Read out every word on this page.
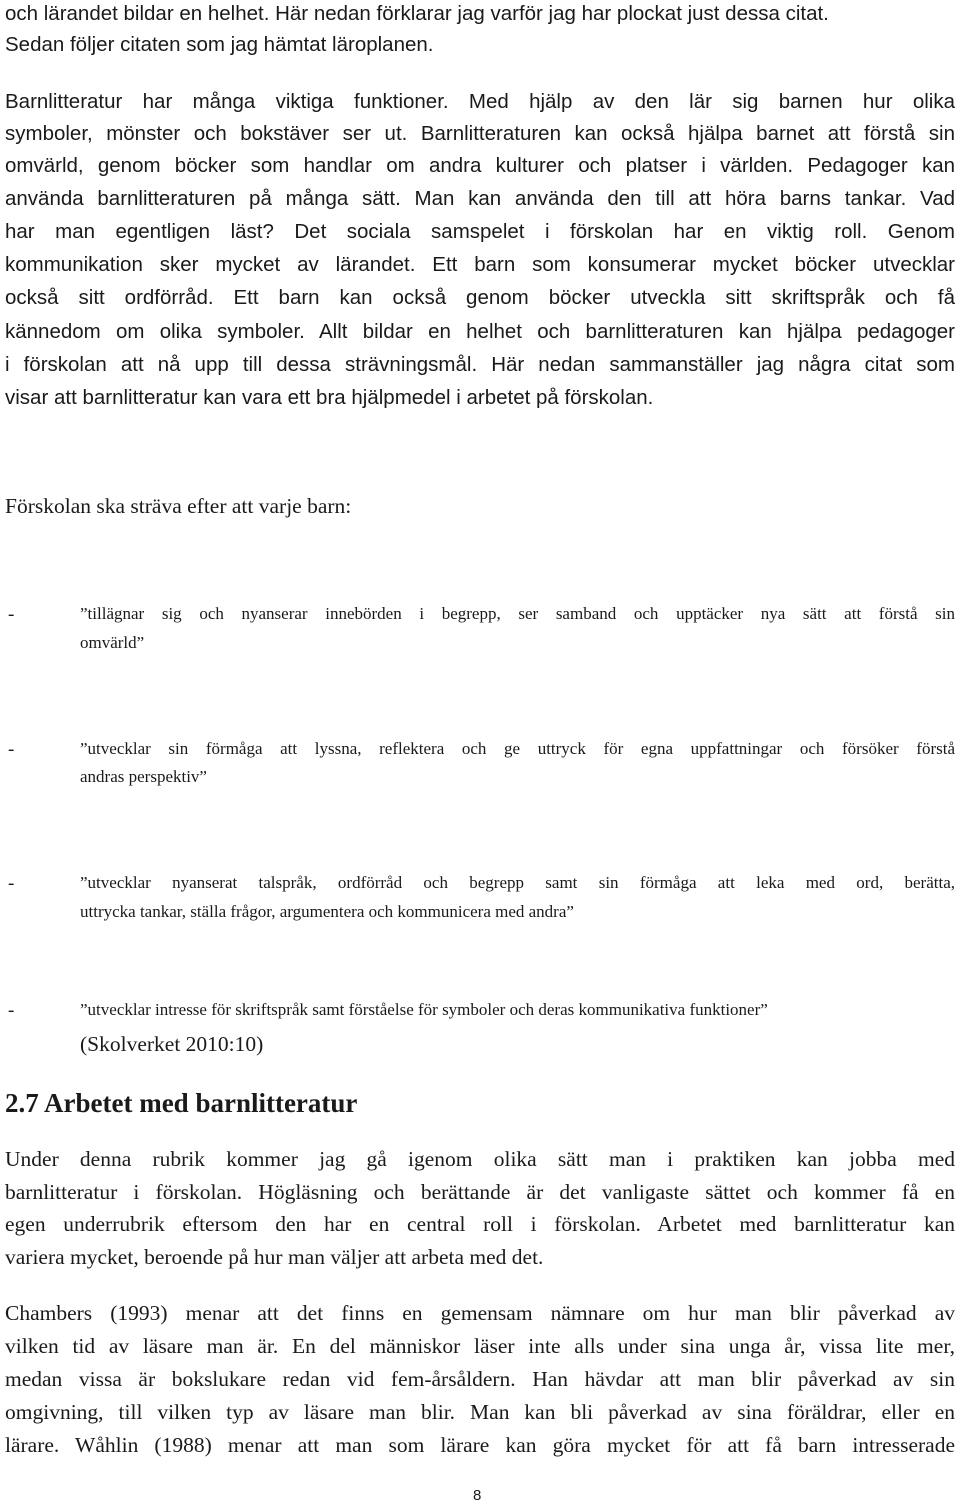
och lärandet bildar en helhet. Här nedan förklarar jag varför jag har plockat just dessa citat.
Sedan följer citaten som jag hämtat läroplanen.
Barnlitteratur har många viktiga funktioner. Med hjälp av den lär sig barnen hur olika
symboler, mönster och bokstäver ser ut. Barnlitteraturen kan också hjälpa barnet att förstå sin
omvärld, genom böcker som handlar om andra kulturer och platser i världen. Pedagoger kan
använda barnlitteraturen på många sätt. Man kan använda den till att höra barns tankar. Vad
har man egentligen läst? Det sociala samspelet i förskolan har en viktig roll. Genom
kommunikation sker mycket av lärandet. Ett barn som konsumerar mycket böcker utvecklar
också sitt ordförråd. Ett barn kan också genom böcker utveckla sitt skriftspråk och få
kännedom om olika symboler. Allt bildar en helhet och barnlitteraturen kan hjälpa pedagoger
i förskolan att nå upp till dessa strävningsmål. Här nedan sammanställer jag några citat som
visar att barnlitteratur kan vara ett bra hjälpmedel i arbetet på förskolan.
Förskolan ska sträva efter att varje barn:
-	”tillägnar sig och nyanserar innebörden i begrepp, ser samband och upptäcker nya sätt att förstå sin
omvärld”
-	”utvecklar sin förmåga att lyssna, reflektera och ge uttryck för egna uppfattningar och försöker förstå
andras perspektiv”
-	”utvecklar nyanserat talspråk, ordförråd och begrepp samt sin förmåga att leka med ord, berätta,
uttrycka tankar, ställa frågor, argumentera och kommunicera med andra”
-	”utvecklar intresse för skriftspråk samt förståelse för symboler och deras kommunikativa funktioner”
(Skolverket 2010:10)
2.7 Arbetet med barnlitteratur
Under denna rubrik kommer jag gå igenom olika sätt man i praktiken kan jobba med
barnlitteratur i förskolan. Högläsning och berättande är det vanligaste sättet och kommer få en
egen underrubrik eftersom den har en central roll i förskolan. Arbetet med barnlitteratur kan
variera mycket, beroende på hur man väljer att arbeta med det.
Chambers (1993) menar att det finns en gemensam nämnare om hur man blir påverkad av
vilken tid av läsare man är. En del människor läser inte alls under sina unga år, vissa lite mer,
medan vissa är bokslukare redan vid fem-årsåldern. Han hävdar att man blir påverkad av sin
omgivning, till vilken typ av läsare man blir. Man kan bli påverkad av sina föräldrar, eller en
lärare. Wåhlin (1988) menar att man som lärare kan göra mycket för att få barn intresserade
8
